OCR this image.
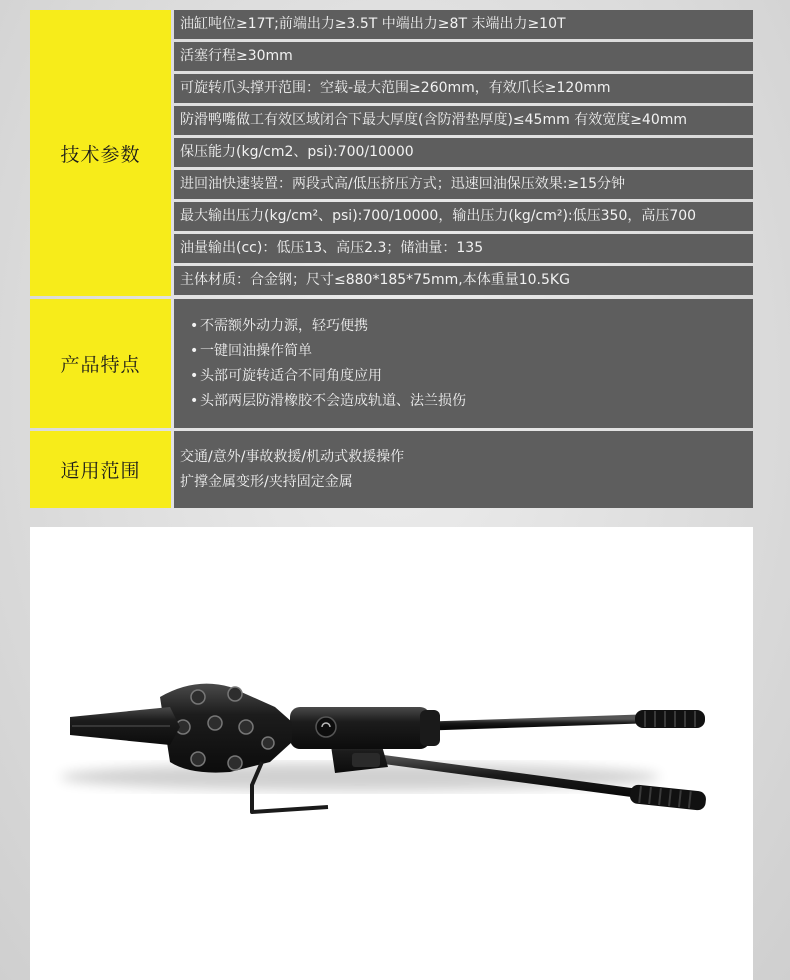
技术参数
油缸吨位≥17T;前端出力≥3.5T 中端出力≥8T 末端出力≥10T
活塞行程≥30mm
可旋转爪头撑开范围：空载-最大范围≥260mm，有效爪长≥120mm
防滑鸭嘴做工有效区域闭合下最大厚度(含防滑垫厚度)≤45mm 有效宽度≥40mm
保压能力(kg/cm2、psi):700/10000
进回油快速装置：两段式高/低压挤压方式；迅速回油保压效果:≥15分钟
最大输出压力(kg/cm²、psi):700/10000，输出压力(kg/cm²):低压350，高压700
油量输出(cc)：低压13、高压2.3；储油量：135
主体材质：合金钢；尺寸≤880*185*75mm,本体重量10.5KG
产品特点
• 不需额外动力源，轻巧便携
• 一键回油操作简单
• 头部可旋转适合不同角度应用
• 头部两层防滑橡胶不会造成轨道、法兰损伤
适用范围
交通/意外/事故救援/机动式救援操作
扩撑金属变形/夹持固定金属
